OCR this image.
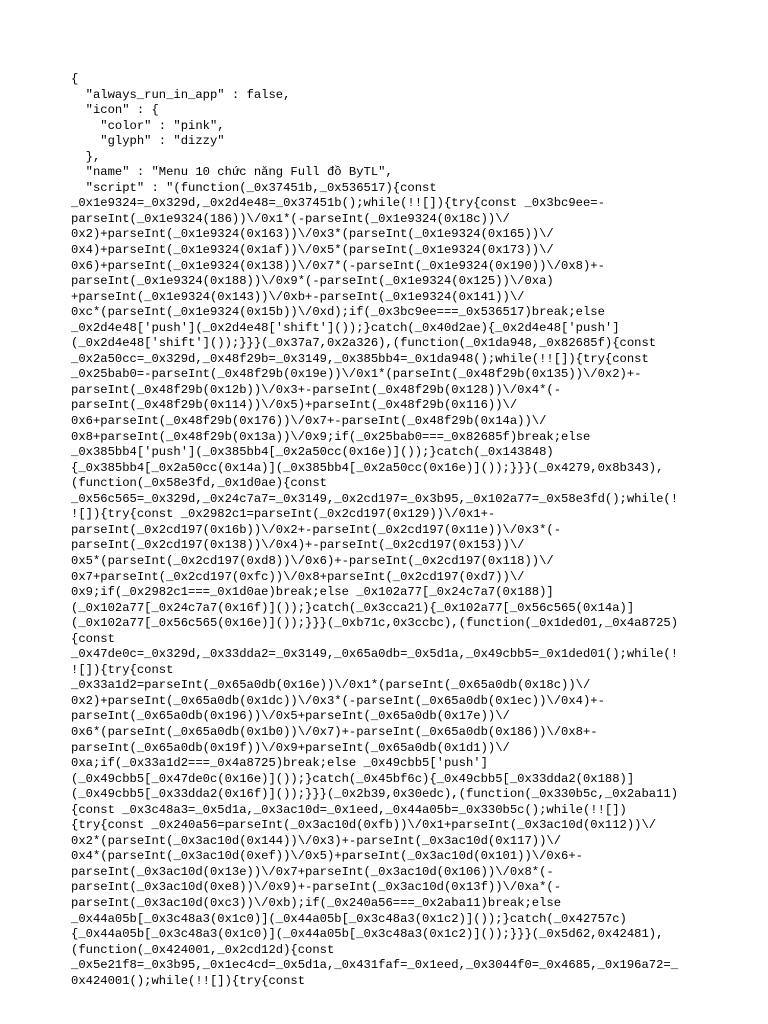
{
"always_run_in_app" : false,
"icon" : {
"color" : "pink",
"glyph" : "dizzy"
},
"name" : "Menu 10 chức năng Full đồ ByTL",
"script" : "(function(_0x37451b,_0x536517){const
_0x1e9324=_0x329d,_0x2d4e48=_0x37451b();while(!![]){try{const _0x3bc9ee=-
parseInt(_0x1e9324(186))\/0x1*(-parseInt(_0x1e9324(0x18c))\/
0x2)+parseInt(_0x1e9324(0x163))\/0x3*(parseInt(_0x1e9324(0x165))\/
0x4)+parseInt(_0x1e9324(0x1af))\/0x5*(parseInt(_0x1e9324(0x173))\/
0x6)+parseInt(_0x1e9324(0x138))\/0x7*(-parseInt(_0x1e9324(0x190))\/0x8)+-
parseInt(_0x1e9324(0x188))\/0x9*(-parseInt(_0x1e9324(0x125))\/0xa)
+parseInt(_0x1e9324(0x143))\/0xb+-parseInt(_0x1e9324(0x141))\/
0xc*(parseInt(_0x1e9324(0x15b))\/0xd);if(_0x3bc9ee===_0x536517)break;else
_0x2d4e48['push'](_0x2d4e48['shift']());}catch(_0x40d2ae){_0x2d4e48['push']
(_0x2d4e48['shift']());}}}(_0x37a7,0x2a326),(function(_0x1da948,_0x82685f){const
_0x2a50cc=_0x329d,_0x48f29b=_0x3149,_0x385bb4=_0x1da948();while(!![]){try{const
_0x25bab0=-parseInt(_0x48f29b(0x19e))\/0x1*(parseInt(_0x48f29b(0x135))\/0x2)+-
parseInt(_0x48f29b(0x12b))\/0x3+-parseInt(_0x48f29b(0x128))\/0x4*(-
parseInt(_0x48f29b(0x114))\/0x5)+parseInt(_0x48f29b(0x116))\/
0x6+parseInt(_0x48f29b(0x176))\/0x7+-parseInt(_0x48f29b(0x14a))\/
0x8+parseInt(_0x48f29b(0x13a))\/0x9;if(_0x25bab0===_0x82685f)break;else
_0x385bb4['push'](_0x385bb4[_0x2a50cc(0x16e)]());}catch(_0x143848)
{_0x385bb4[_0x2a50cc(0x14a)](_0x385bb4[_0x2a50cc(0x16e)]());}}}(_0x4279,0x8b343),
(function(_0x58e3fd,_0x1d0ae){const
_0x56c565=_0x329d,_0x24c7a7=_0x3149,_0x2cd197=_0x3b95,_0x102a77=_0x58e3fd();while(!
![]){try{const _0x2982c1=parseInt(_0x2cd197(0x129))\/0x1+-
parseInt(_0x2cd197(0x16b))\/0x2+-parseInt(_0x2cd197(0x11e))\/0x3*(-
parseInt(_0x2cd197(0x138))\/0x4)+-parseInt(_0x2cd197(0x153))\/
0x5*(parseInt(_0x2cd197(0xd8))\/0x6)+-parseInt(_0x2cd197(0x118))\/
0x7+parseInt(_0x2cd197(0xfc))\/0x8+parseInt(_0x2cd197(0xd7))\/
0x9;if(_0x2982c1===_0x1d0ae)break;else _0x102a77[_0x24c7a7(0x188)]
(_0x102a77[_0x24c7a7(0x16f)]());}catch(_0x3cca21){_0x102a77[_0x56c565(0x14a)]
(_0x102a77[_0x56c565(0x16e)]());}}}(_0xb71c,0x3ccbc),(function(_0x1ded01,_0x4a8725)
{const
_0x47de0c=_0x329d,_0x33dda2=_0x3149,_0x65a0db=_0x5d1a,_0x49cbb5=_0x1ded01();while(!
![]){try{const
_0x33a1d2=parseInt(_0x65a0db(0x16e))\/0x1*(parseInt(_0x65a0db(0x18c))\/
0x2)+parseInt(_0x65a0db(0x1dc))\/0x3*(-parseInt(_0x65a0db(0x1ec))\/0x4)+-
parseInt(_0x65a0db(0x196))\/0x5+parseInt(_0x65a0db(0x17e))\/
0x6*(parseInt(_0x65a0db(0x1b0))\/0x7)+-parseInt(_0x65a0db(0x186))\/0x8+-
parseInt(_0x65a0db(0x19f))\/0x9+parseInt(_0x65a0db(0x1d1))\/
0xa;if(_0x33a1d2===_0x4a8725)break;else _0x49cbb5['push']
(_0x49cbb5[_0x47de0c(0x16e)]());}catch(_0x45bf6c){_0x49cbb5[_0x33dda2(0x188)]
(_0x49cbb5[_0x33dda2(0x16f)]());}}}(_0x2b39,0x30edc),(function(_0x330b5c,_0x2aba11)
{const _0x3c48a3=_0x5d1a,_0x3ac10d=_0x1eed,_0x44a05b=_0x330b5c();while(!![])
{try{const _0x240a56=parseInt(_0x3ac10d(0xfb))\/0x1+parseInt(_0x3ac10d(0x112))\/
0x2*(parseInt(_0x3ac10d(0x144))\/0x3)+-parseInt(_0x3ac10d(0x117))\/
0x4*(parseInt(_0x3ac10d(0xef))\/0x5)+parseInt(_0x3ac10d(0x101))\/0x6+-
parseInt(_0x3ac10d(0x13e))\/0x7+parseInt(_0x3ac10d(0x106))\/0x8*(-
parseInt(_0x3ac10d(0xe8))\/0x9)+-parseInt(_0x3ac10d(0x13f))\/0xa*(-
parseInt(_0x3ac10d(0xc3))\/0xb);if(_0x240a56===_0x2aba11)break;else
_0x44a05b[_0x3c48a3(0x1c0)](_0x44a05b[_0x3c48a3(0x1c2)]());}catch(_0x42757c)
{_0x44a05b[_0x3c48a3(0x1c0)](_0x44a05b[_0x3c48a3(0x1c2)]());}}}(_0x5d62,0x42481),
(function(_0x424001,_0x2cd12d){const
_0x5e21f8=_0x3b95,_0x1ec4cd=_0x5d1a,_0x431faf=_0x1eed,_0x3044f0=_0x4685,_0x196a72=_
0x424001();while(!![]){try{const
